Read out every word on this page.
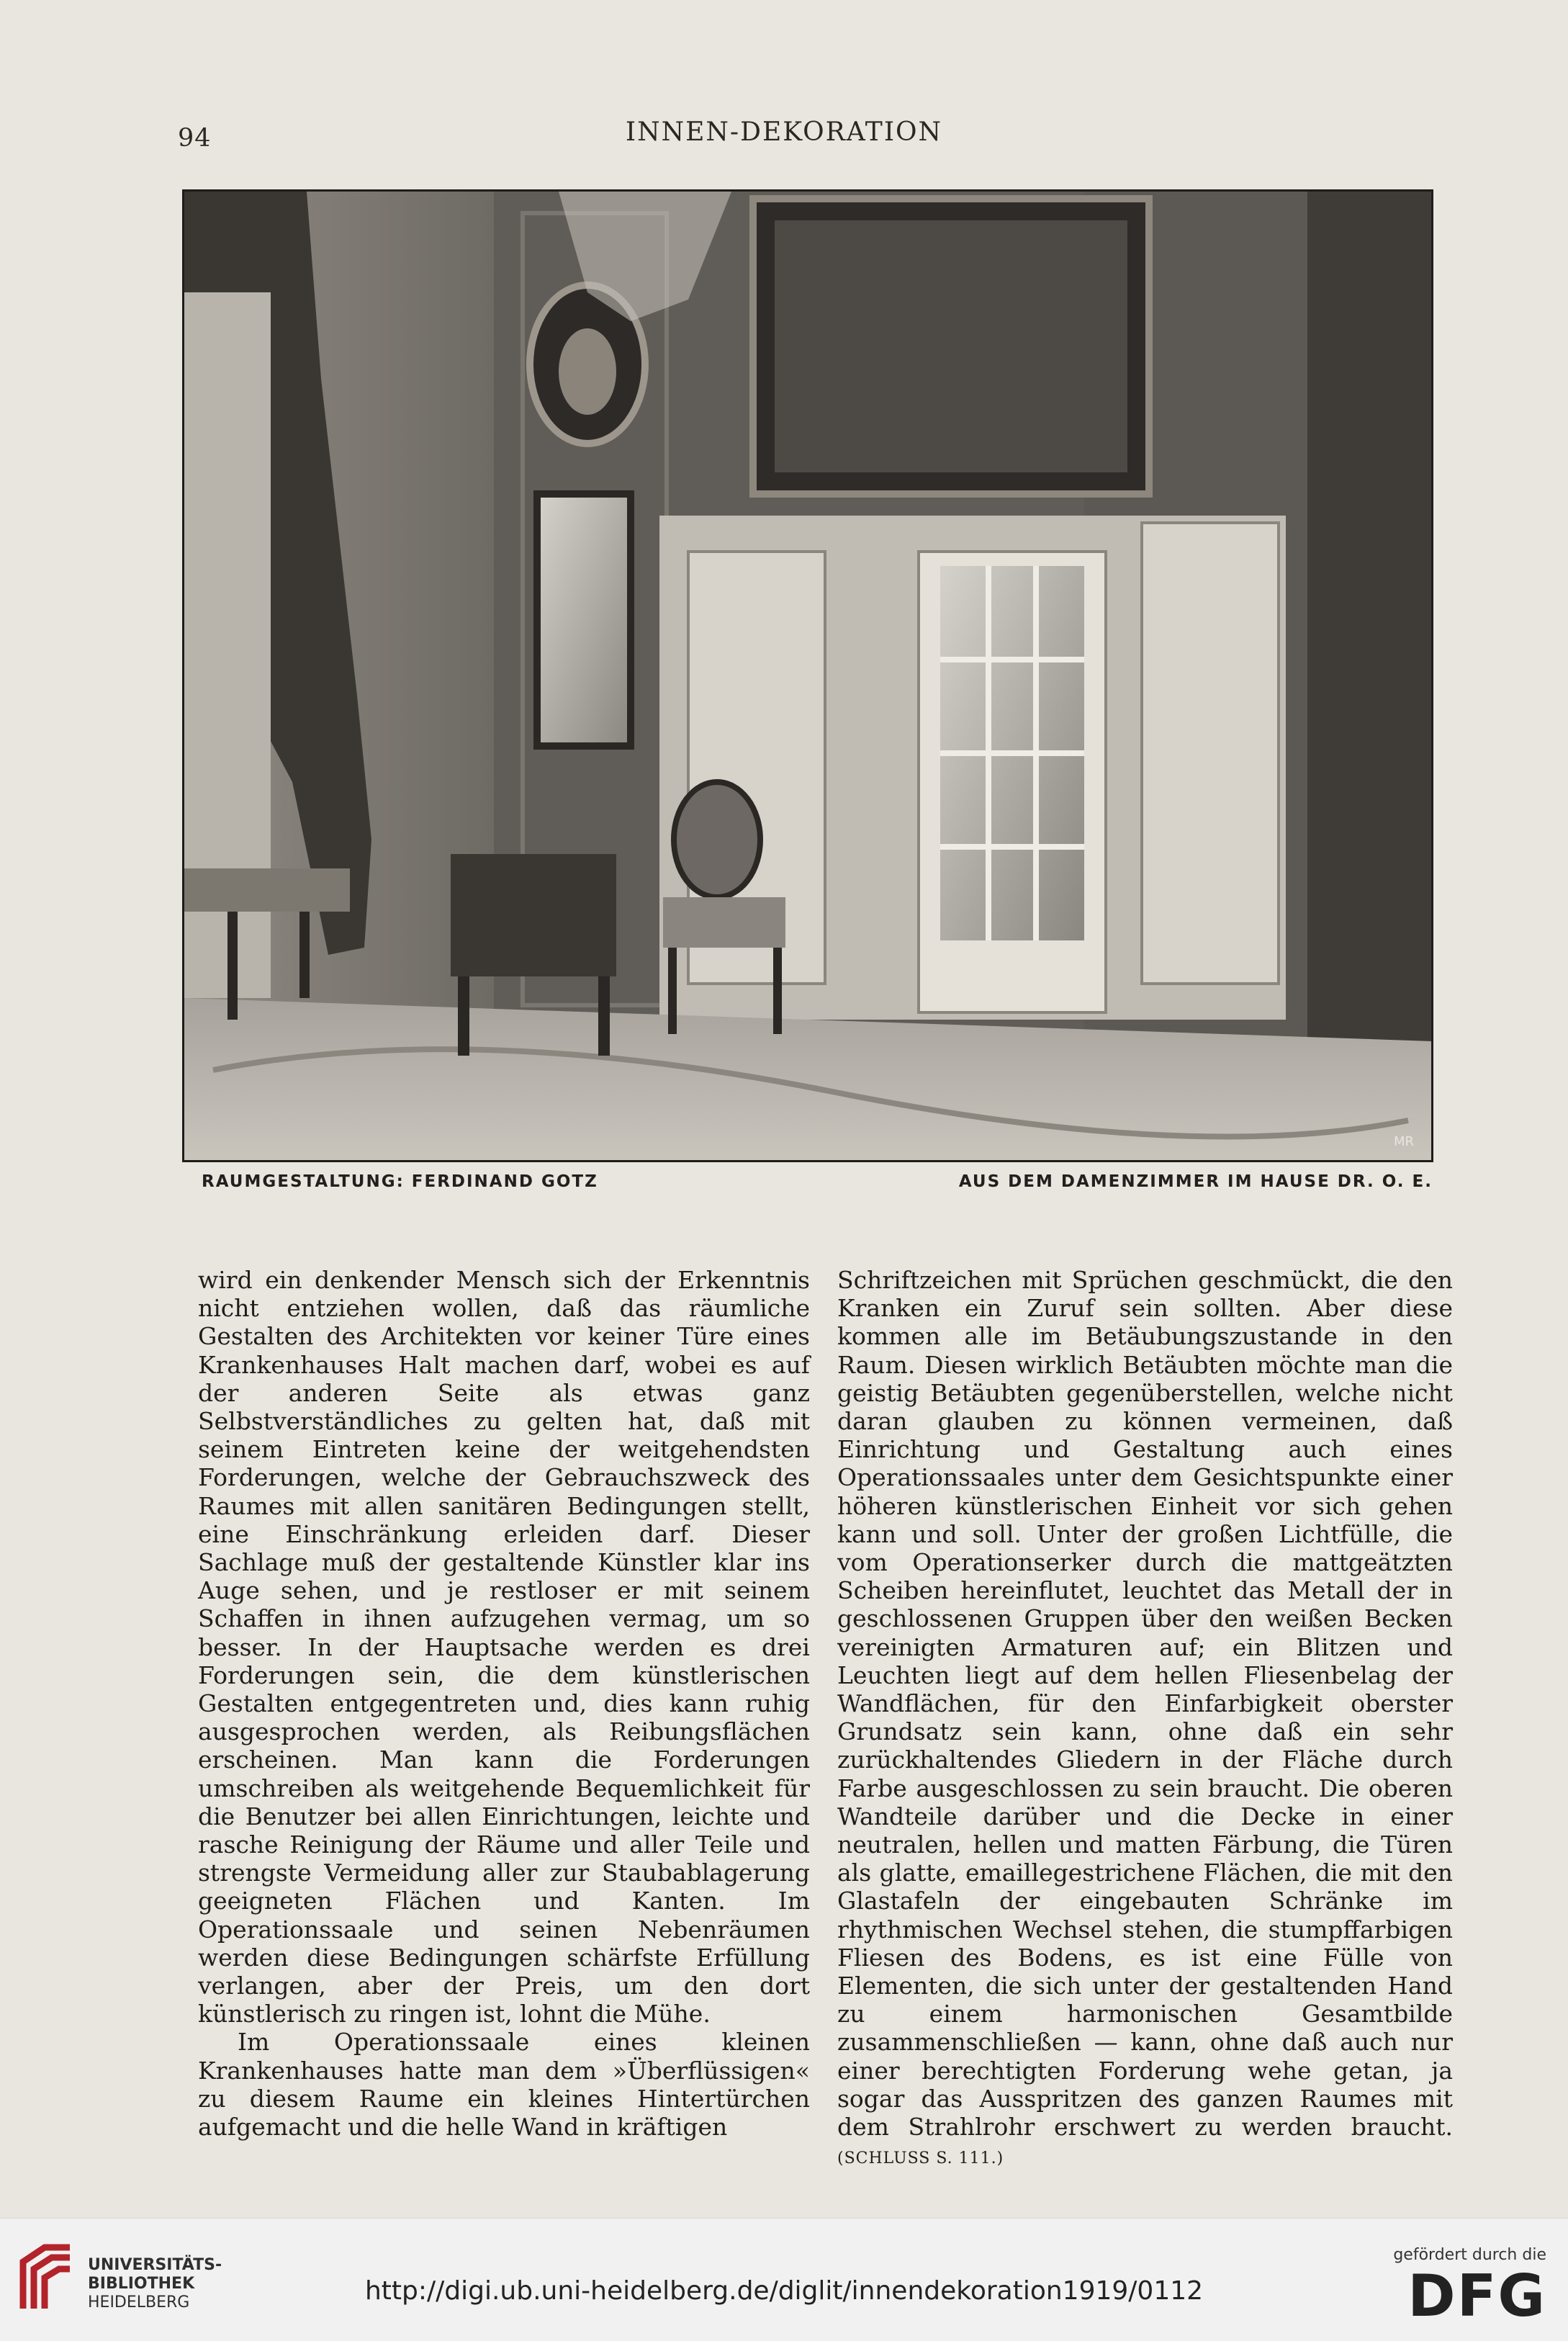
94	INNEN-DEKORATION
MR
RAUMGESTALTUNG: FERDINAND GOTZ	AUS DEM DAMENZIMMER IM HAUSE DR. O. E.

wird ein denkender Mensch sich der Erkenntnis nicht entziehen wollen, daß das räumliche Gestalten des Architekten vor keiner Türe eines Krankenhauses Halt machen darf, wobei es auf der anderen Seite als etwas ganz Selbstverständliches zu gelten hat, daß mit seinem Eintreten keine der weitgehendsten Forderungen, welche der Gebrauchszweck des Raumes mit allen sanitären Bedingungen stellt, eine Einschränkung erleiden darf. Dieser Sachlage muß der gestaltende Künstler klar ins Auge sehen, und je restloser er mit seinem Schaffen in ihnen aufzugehen vermag, um so besser. In der Hauptsache werden es drei Forderungen sein, die dem künstlerischen Gestalten entgegentreten und, dies kann ruhig ausgesprochen werden, als Reibungsflächen erscheinen. Man kann die Forderungen umschreiben als weitgehende Bequemlichkeit für die Benutzer bei allen Einrichtungen, leichte und rasche Reinigung der Räume und aller Teile und strengste Vermeidung aller zur Staubablagerung geeigneten Flächen und Kanten. Im Operationssaale und seinen Nebenräumen werden diese Bedingungen schärfste Erfüllung verlangen, aber der Preis, um den dort künstlerisch zu ringen ist, lohnt die Mühe.

Im Operationssaale eines kleinen Krankenhauses hatte man dem »Überflüssigen« zu diesem Raume ein kleines Hintertürchen aufgemacht und die helle Wand in kräftigen

Schriftzeichen mit Sprüchen geschmückt, die den Kranken ein Zuruf sein sollten. Aber diese kommen alle im Betäubungszustande in den Raum. Diesen wirklich Betäubten möchte man die geistig Betäubten gegenüberstellen, welche nicht daran glauben zu können vermeinen, daß Einrichtung und Gestaltung auch eines Operationssaales unter dem Gesichtspunkte einer höheren künstlerischen Einheit vor sich gehen kann und soll. Unter der großen Lichtfülle, die vom Operationserker durch die mattgeätzten Scheiben hereinflutet, leuchtet das Metall der in geschlossenen Gruppen über den weißen Becken vereinigten Armaturen auf; ein Blitzen und Leuchten liegt auf dem hellen Fliesenbelag der Wandflächen, für den Einfarbigkeit oberster Grundsatz sein kann, ohne daß ein sehr zurückhaltendes Gliedern in der Fläche durch Farbe ausgeschlossen zu sein braucht. Die oberen Wandteile darüber und die Decke in einer neutralen, hellen und matten Färbung, die Türen als glatte, emaillegestrichene Flächen, die mit den Glastafeln der eingebauten Schränke im rhythmischen Wechsel stehen, die stumpffarbigen Fliesen des Bodens, es ist eine Fülle von Elementen, die sich unter der gestaltenden Hand zu einem harmonischen Gesamtbilde zusammenschließen — kann, ohne daß auch nur einer berechtigten Forderung wehe getan, ja sogar das Ausspritzen des ganzen Raumes mit dem Strahlrohr erschwert zu werden braucht. (SCHLUSS S. 111.)

UNIVERSITÄTS-
BIBLIOTHEK
HEIDELBERG	http://digi.ub.uni-heidelberg.de/diglit/innendekoration1919/0112
gefördert durch die
DFG
